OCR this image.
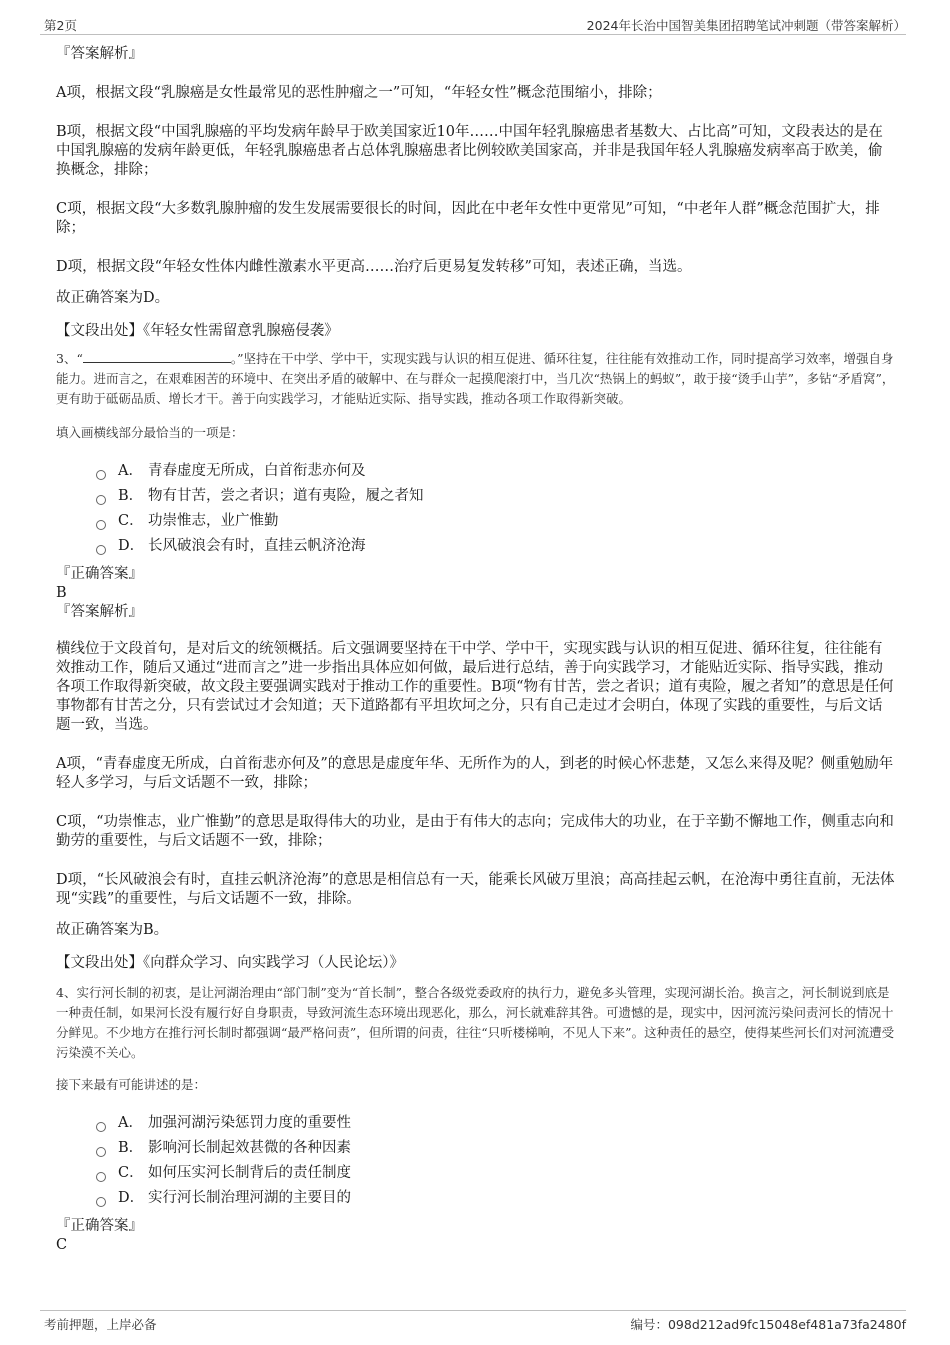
第2页	2024年长治中国智美集团招聘笔试冲刺题（带答案解析）

『答案解析』

A项，根据文段“乳腺癌是女性最常见的恶性肿瘤之一”可知，“年轻女性”概念范围缩小，排除；

B项，根据文段“中国乳腺癌的平均发病年龄早于欧美国家近10年……中国年轻乳腺癌患者基数大、占比高”可知，文段表达的是在中国乳腺癌的发病年龄更低，年轻乳腺癌患者占总体乳腺癌患者比例较欧美国家高，并非是我国年轻人乳腺癌发病率高于欧美，偷换概念，排除；

C项，根据文段“大多数乳腺肿瘤的发生发展需要很长的时间，因此在中老年女性中更常见”可知，“中老年人群”概念范围扩大，排除；

D项，根据文段“年轻女性体内雌性激素水平更高……治疗后更易复发转移”可知，表述正确，当选。

故正确答案为D。

【文段出处】《年轻女性需留意乳腺癌侵袭》

3、“	。”坚持在干中学、学中干，实现实践与认识的相互促进、循环往复，往往能有效推动工作，同时提高学习效率，增强自身能力。进而言之，在艰难困苦的环境中、在突出矛盾的破解中、在与群众一起摸爬滚打中，当几次“热锅上的蚂蚁”，敢于接“烫手山芋”，多钻“矛盾窝”，更有助于砥砺品质、增长才干。善于向实践学习，才能贴近实际、指导实践，推动各项工作取得新突破。

填入画横线部分最恰当的一项是：

A． 青春虚度无所成，白首衔悲亦何及
B． 物有甘苦，尝之者识；道有夷险，履之者知
C． 功崇惟志，业广惟勤
D． 长风破浪会有时，直挂云帆济沧海

『正确答案』

B

『答案解析』

横线位于文段首句，是对后文的统领概括。后文强调要坚持在干中学、学中干，实现实践与认识的相互促进、循环往复，往往能有效推动工作，随后又通过“进而言之”进一步指出具体应如何做，最后进行总结，善于向实践学习，才能贴近实际、指导实践，推动各项工作取得新突破，故文段主要强调实践对于推动工作的重要性。B项“物有甘苦，尝之者识；道有夷险，履之者知”的意思是任何事物都有甘苦之分，只有尝试过才会知道；天下道路都有平坦坎坷之分，只有自己走过才会明白，体现了实践的重要性，与后文话题一致，当选。

A项，“青春虚度无所成，白首衔悲亦何及”的意思是虚度年华、无所作为的人，到老的时候心怀悲楚，又怎么来得及呢？侧重勉励年轻人多学习，与后文话题不一致，排除；

C项，“功崇惟志，业广惟勤”的意思是取得伟大的功业，是由于有伟大的志向；完成伟大的功业，在于辛勤不懈地工作，侧重志向和勤劳的重要性，与后文话题不一致，排除；

D项，“长风破浪会有时，直挂云帆济沧海”的意思是相信总有一天，能乘长风破万里浪；高高挂起云帆，在沧海中勇往直前，无法体现“实践”的重要性，与后文话题不一致，排除。

故正确答案为B。

【文段出处】《向群众学习、向实践学习（人民论坛）》

4、实行河长制的初衷，是让河湖治理由“部门制”变为“首长制”，整合各级党委政府的执行力，避免多头管理，实现河湖长治。换言之，河长制说到底是一种责任制，如果河长没有履行好自身职责，导致河流生态环境出现恶化，那么，河长就难辞其咎。可遗憾的是，现实中，因河流污染问责河长的情况十分鲜见。不少地方在推行河长制时都强调“最严格问责”，但所谓的问责，往往“只听楼梯响，不见人下来”。这种责任的悬空，使得某些河长们对河流遭受污染漠不关心。

接下来最有可能讲述的是：

A． 加强河湖污染惩罚力度的重要性
B． 影响河长制起效甚微的各种因素
C． 如何压实河长制背后的责任制度
D． 实行河长制治理河湖的主要目的

『正确答案』

C

考前押题，上岸必备	编号：098d212ad9fc15048ef481a73fa2480f
